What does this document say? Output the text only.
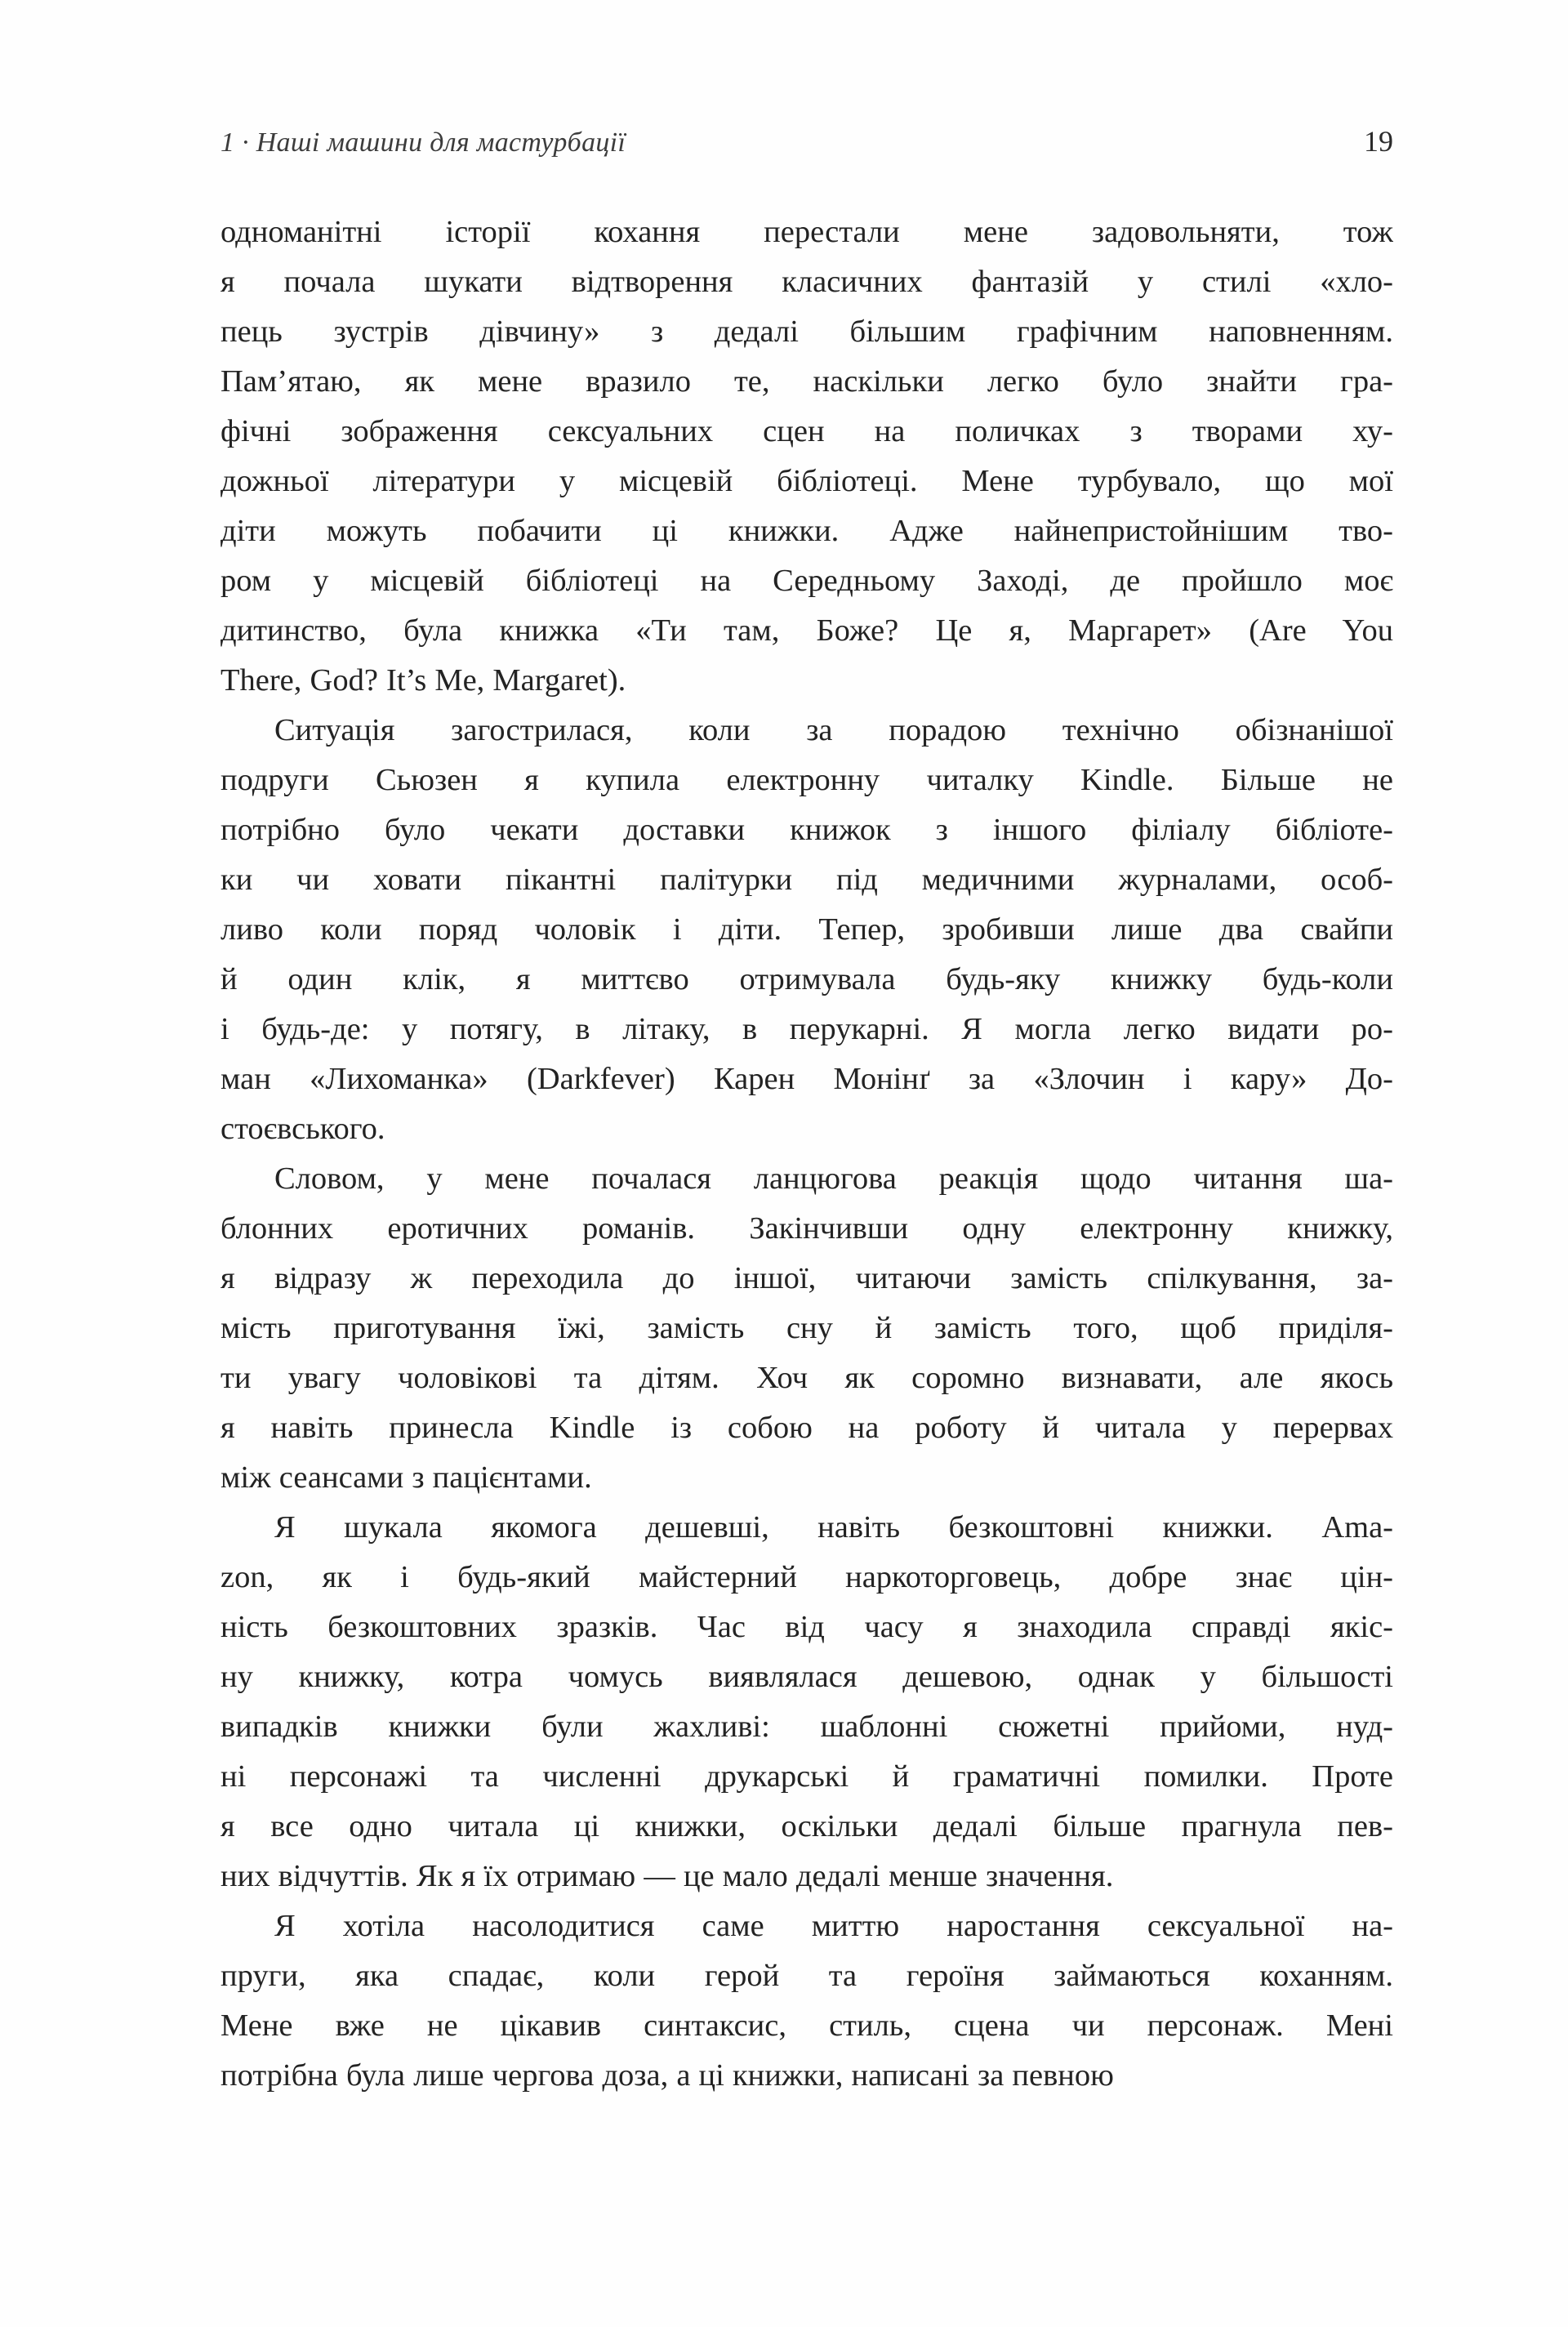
1 · Наші машини для мастурбації	19
одноманітні історії кохання перестали мене задовольняти, тож
я почала шукати відтворення класичних фантазій у стилі «хло-
пець зустрів дівчину» з дедалі більшим графічним наповненням.
Пам’ятаю, як мене вразило те, наскільки легко було знайти гра-
фічні зображення сексуальних сцен на поличках з творами ху-
дожньої літератури у місцевій бібліотеці. Мене турбувало, що мої
діти можуть побачити ці книжки. Адже найнепристойнішим тво-
ром у місцевій бібліотеці на Середньому Заході, де пройшло моє
дитинство, була книжка «Ти там, Боже? Це я, Маргарет» (Are You
There, God? It’s Me, Margaret).
Ситуація загострилася, коли за порадою технічно обізнанішої
подруги Сьюзен я купила електронну читалку Kindle. Більше не
потрібно було чекати доставки книжок з іншого філіалу бібліоте-
ки чи ховати пікантні палітурки під медичними журналами, особ-
ливо коли поряд чоловік і діти. Тепер, зробивши лише два свайпи
й один клік, я миттєво отримувала будь-яку книжку будь-коли
і будь-де: у потягу, в літаку, в перукарні. Я могла легко видати ро-
ман «Лихоманка» (Darkfever) Карен Монінґ за «Злочин і кару» До-
стоєвського.
Словом, у мене почалася ланцюгова реакція щодо читання ша-
блонних еротичних романів. Закінчивши одну електронну книжку,
я відразу ж переходила до іншої, читаючи замість спілкування, за-
мість приготування їжі, замість сну й замість того, щоб приділя-
ти увагу чоловікові та дітям. Хоч як соромно визнавати, але якось
я навіть принесла Kindle із собою на роботу й читала у перервах
між сеансами з пацієнтами.
Я шукала якомога дешевші, навіть безкоштовні книжки. Ama-
zon, як і будь-який майстерний наркоторговець, добре знає цін-
ність безкоштовних зразків. Час від часу я знаходила справді якіс-
ну книжку, котра чомусь виявлялася дешевою, однак у більшості
випадків книжки були жахливі: шаблонні сюжетні прийоми, нуд-
ні персонажі та численні друкарські й граматичні помилки. Проте
я все одно читала ці книжки, оскільки дедалі більше прагнула пев-
них відчуттів. Як я їх отримаю — це мало дедалі менше значення.
Я хотіла насолодитися саме миттю наростання сексуальної на-
пруги, яка спадає, коли герой та героїня займаються коханням.
Мене вже не цікавив синтаксис, стиль, сцена чи персонаж. Мені
потрібна була лише чергова доза, а ці книжки, написані за певною
